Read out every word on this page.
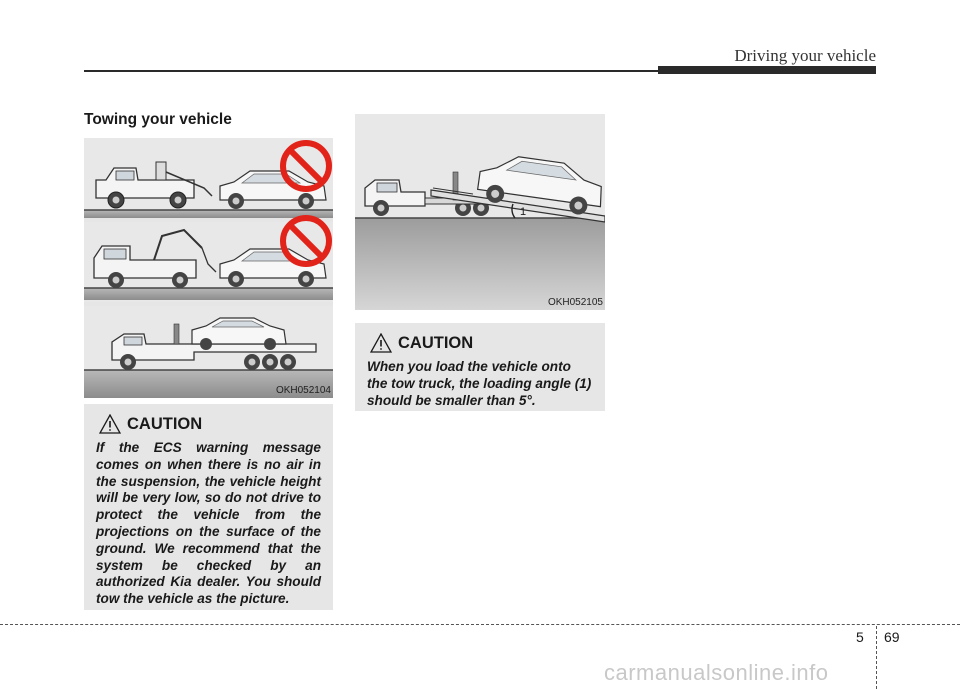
Driving your vehicle
Towing your vehicle
OKH052104
1
OKH052105
CAUTION
If the ECS warning message comes on when there is no air in the suspension, the vehicle height will be very low, so do not drive to protect the vehicle from the projections on the surface of the ground. We recommend that the system be checked by an authorized Kia dealer. You should tow the vehicle as the picture.
CAUTION
When you load the vehicle onto the tow truck, the loading angle (1) should be smaller than 5°.
5 69
carmanualsonline.info
